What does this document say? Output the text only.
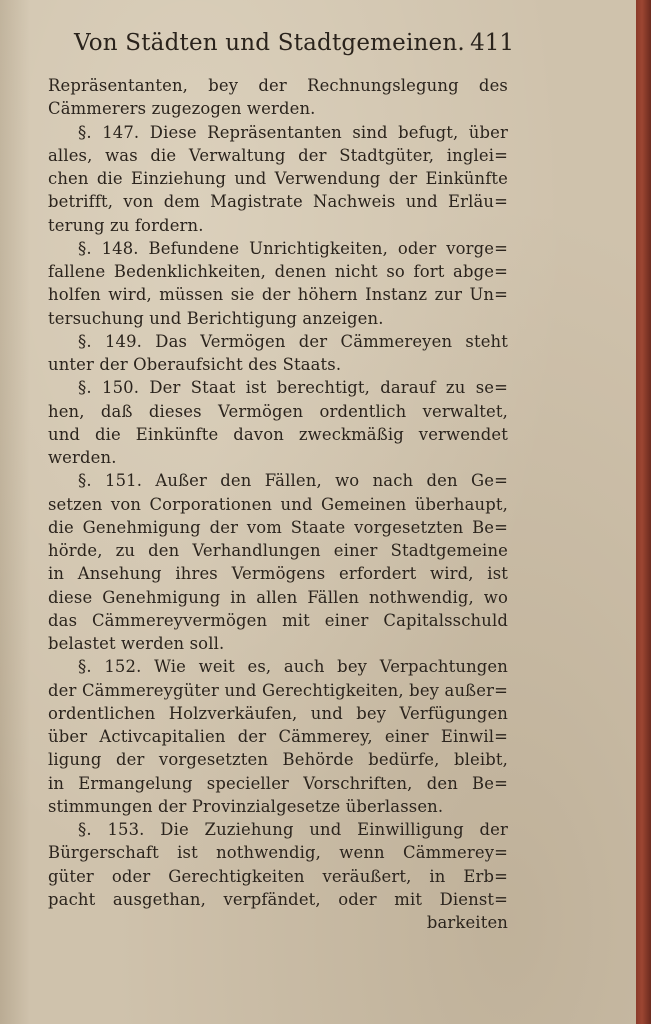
Von Städten und Stadtgemeinen. 411
Repräsentanten, bey der Rechnungslegung des
Cämmerers zugezogen werden.
§. 147. Diese Repräsentanten sind befugt, über
alles, was die Verwaltung der Stadtgüter, inglei=
chen die Einziehung und Verwendung der Einkünfte
betrifft, von dem Magistrate Nachweis und Erläu=
terung zu fordern.
§. 148. Befundene Unrichtigkeiten, oder vorge=
fallene Bedenklichkeiten, denen nicht so fort abge=
holfen wird, müssen sie der höhern Instanz zur Un=
tersuchung und Berichtigung anzeigen.
§. 149. Das Vermögen der Cämmereyen steht
unter der Oberaufsicht des Staats.
§. 150. Der Staat ist berechtigt, darauf zu se=
hen, daß dieses Vermögen ordentlich verwaltet,
und die Einkünfte davon zweckmäßig verwendet
werden.
§. 151. Außer den Fällen, wo nach den Ge=
setzen von Corporationen und Gemeinen überhaupt,
die Genehmigung der vom Staate vorgesetzten Be=
hörde, zu den Verhandlungen einer Stadtgemeine
in Ansehung ihres Vermögens erfordert wird, ist
diese Genehmigung in allen Fällen nothwendig, wo
das Cämmereyvermögen mit einer Capitalsschuld
belastet werden soll.
§. 152. Wie weit es, auch bey Verpachtungen
der Cämmereygüter und Gerechtigkeiten, bey außer=
ordentlichen Holzverkäufen, und bey Verfügungen
über Activcapitalien der Cämmerey, einer Einwil=
ligung der vorgesetzten Behörde bedürfe, bleibt,
in Ermangelung specieller Vorschriften, den Be=
stimmungen der Provinzialgesetze überlassen.
§. 153. Die Zuziehung und Einwilligung der
Bürgerschaft ist nothwendig, wenn Cämmerey=
güter oder Gerechtigkeiten veräußert, in Erb=
pacht ausgethan, verpfändet, oder mit Dienst=
barkeiten
